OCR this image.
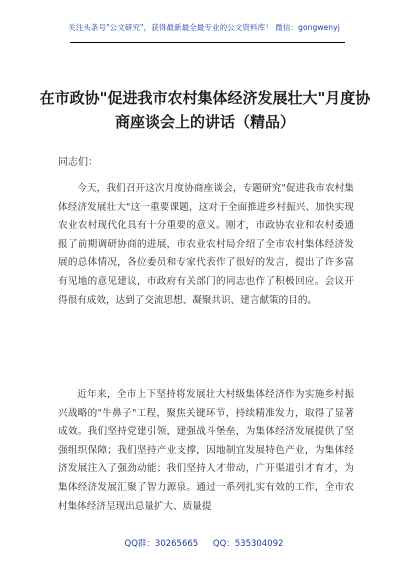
关注头条号"公文研究"，获得最新最全最专业的公文资料库！ 微信：gongwenyj
在市政协"促进我市农村集体经济发展壮大"月度协商座谈会上的讲话（精品）
同志们：

今天，我们召开这次月度协商座谈会，专题研究"促进我市农村集体经济发展壮大"这一重要课题，这对于全面推进乡村振兴、加快实现农业农村现代化具有十分重要的意义。刚才，市政协农业和农村委通报了前期调研协商的进展，市农业农村局介绍了全市农村集体经济发展的总体情况，各位委员和专家代表作了很好的发言，提出了许多富有见地的意见建议，市政府有关部门的同志也作了积极回应。会议开得很有成效，达到了交流思想、凝聚共识、建言献策的目的。

近年来，全市上下坚持将发展壮大村级集体经济作为实施乡村振兴战略的"牛鼻子"工程，聚焦关键环节，持续精准发力，取得了显著成效。我们坚持党建引领，建强战斗堡垒，为集体经济发展提供了坚强组织保障；我们坚持产业支撑，因地制宜发展特色产业，为集体经济发展注入了强劲动能；我们坚持人才带动，广开渠道引才育才，为集体经济发展汇聚了智力源泉。通过一系列扎实有效的工作，全市农村集体经济呈现出总量扩大、质量提

QQ群：30265665 QQ：535304092
